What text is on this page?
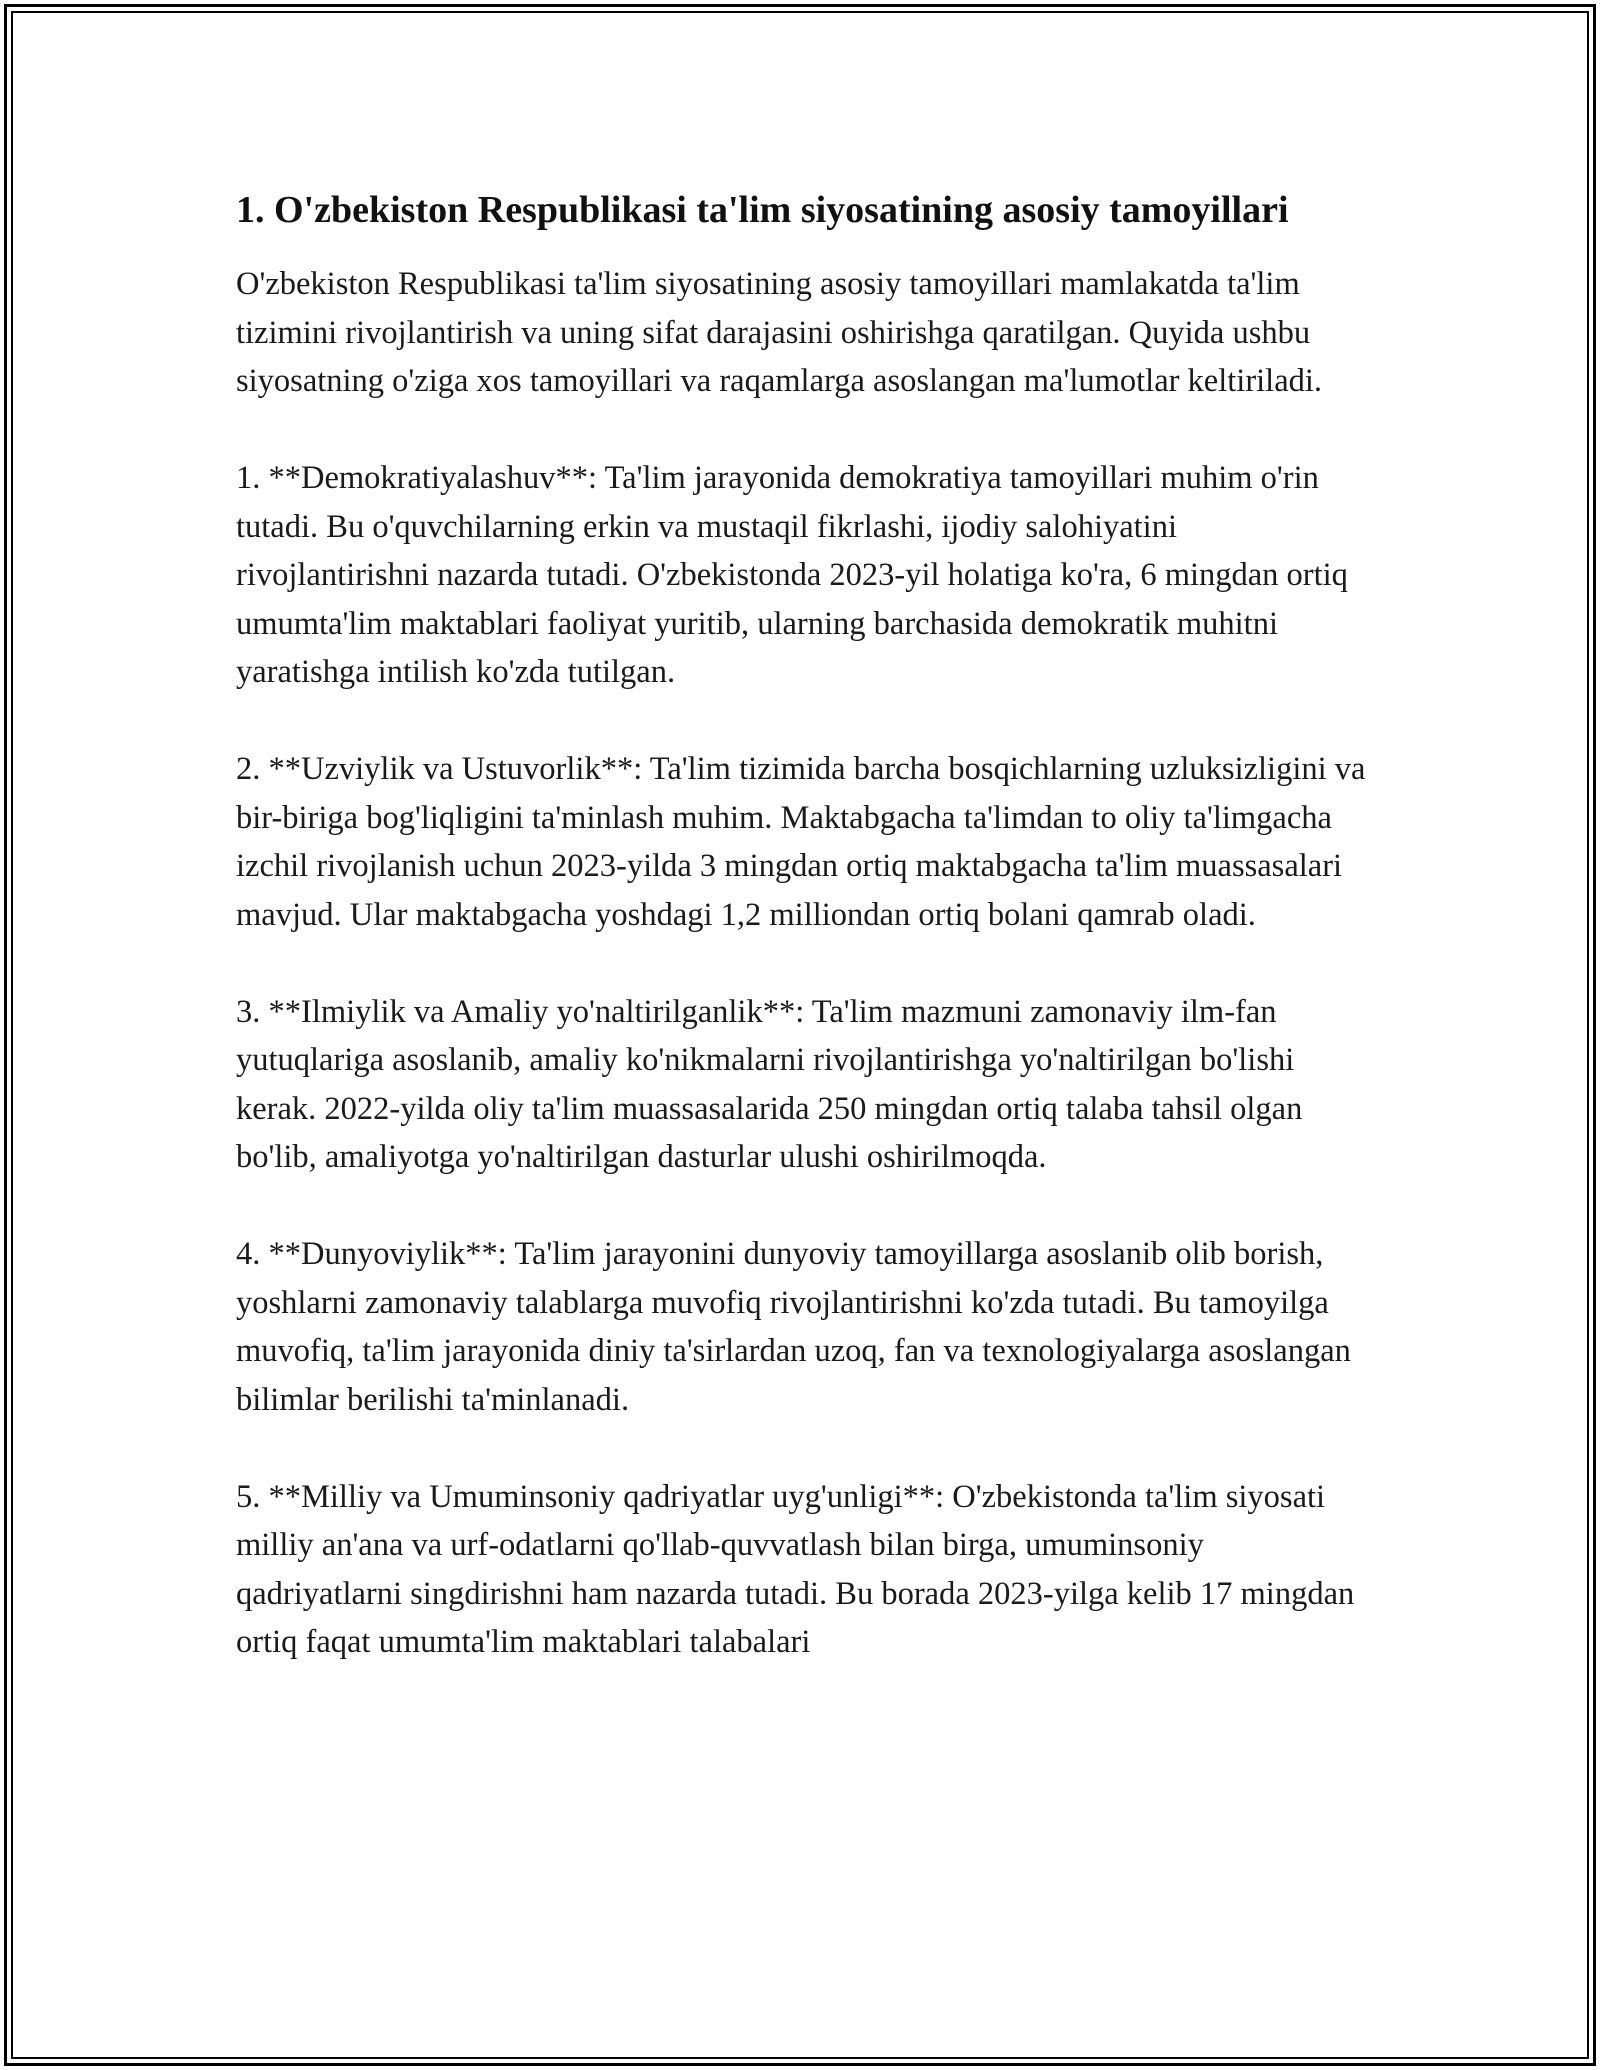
1. O'zbekiston Respublikasi ta'lim siyosatining asosiy tamoyillari

O'zbekiston Respublikasi ta'lim siyosatining asosiy tamoyillari mamlakatda ta'lim tizimini rivojlantirish va uning sifat darajasini oshirishga qaratilgan. Quyida ushbu siyosatning o'ziga xos tamoyillari va raqamlarga asoslangan ma'lumotlar keltiriladi.

1. **Demokratiyalashuv**: Ta'lim jarayonida demokratiya tamoyillari muhim o'rin tutadi. Bu o'quvchilarning erkin va mustaqil fikrlashi, ijodiy salohiyatini rivojlantirishni nazarda tutadi. O'zbekistonda 2023-yil holatiga ko'ra, 6 mingdan ortiq umumta'lim maktablari faoliyat yuritib, ularning barchasida demokratik muhitni yaratishga intilish ko'zda tutilgan.

2. **Uzviylik va Ustuvorlik**: Ta'lim tizimida barcha bosqichlarning uzluksizligini va bir-biriga bog'liqligini ta'minlash muhim. Maktabgacha ta'limdan to oliy ta'limgacha izchil rivojlanish uchun 2023-yilda 3 mingdan ortiq maktabgacha ta'lim muassasalari mavjud. Ular maktabgacha yoshdagi 1,2 milliondan ortiq bolani qamrab oladi.

3. **Ilmiylik va Amaliy yo'naltirilganlik**: Ta'lim mazmuni zamonaviy ilm-fan yutuqlariga asoslanib, amaliy ko'nikmalarni rivojlantirishga yo'naltirilgan bo'lishi kerak. 2022-yilda oliy ta'lim muassasalarida 250 mingdan ortiq talaba tahsil olgan bo'lib, amaliyotga yo'naltirilgan dasturlar ulushi oshirilmoqda.

4. **Dunyoviylik**: Ta'lim jarayonini dunyoviy tamoyillarga asoslanib olib borish, yoshlarni zamonaviy talablarga muvofiq rivojlantirishni ko'zda tutadi. Bu tamoyilga muvofiq, ta'lim jarayonida diniy ta'sirlardan uzoq, fan va texnologiyalarga asoslangan bilimlar berilishi ta'minlanadi.

5. **Milliy va Umuminsoniy qadriyatlar uyg'unligi**: O'zbekistonda ta'lim siyosati milliy an'ana va urf-odatlarni qo'llab-quvvatlash bilan birga, umuminsoniy qadriyatlarni singdirishni ham nazarda tutadi. Bu borada 2023-yilga kelib 17 mingdan ortiq faqat umumta'lim maktablari talabalari
